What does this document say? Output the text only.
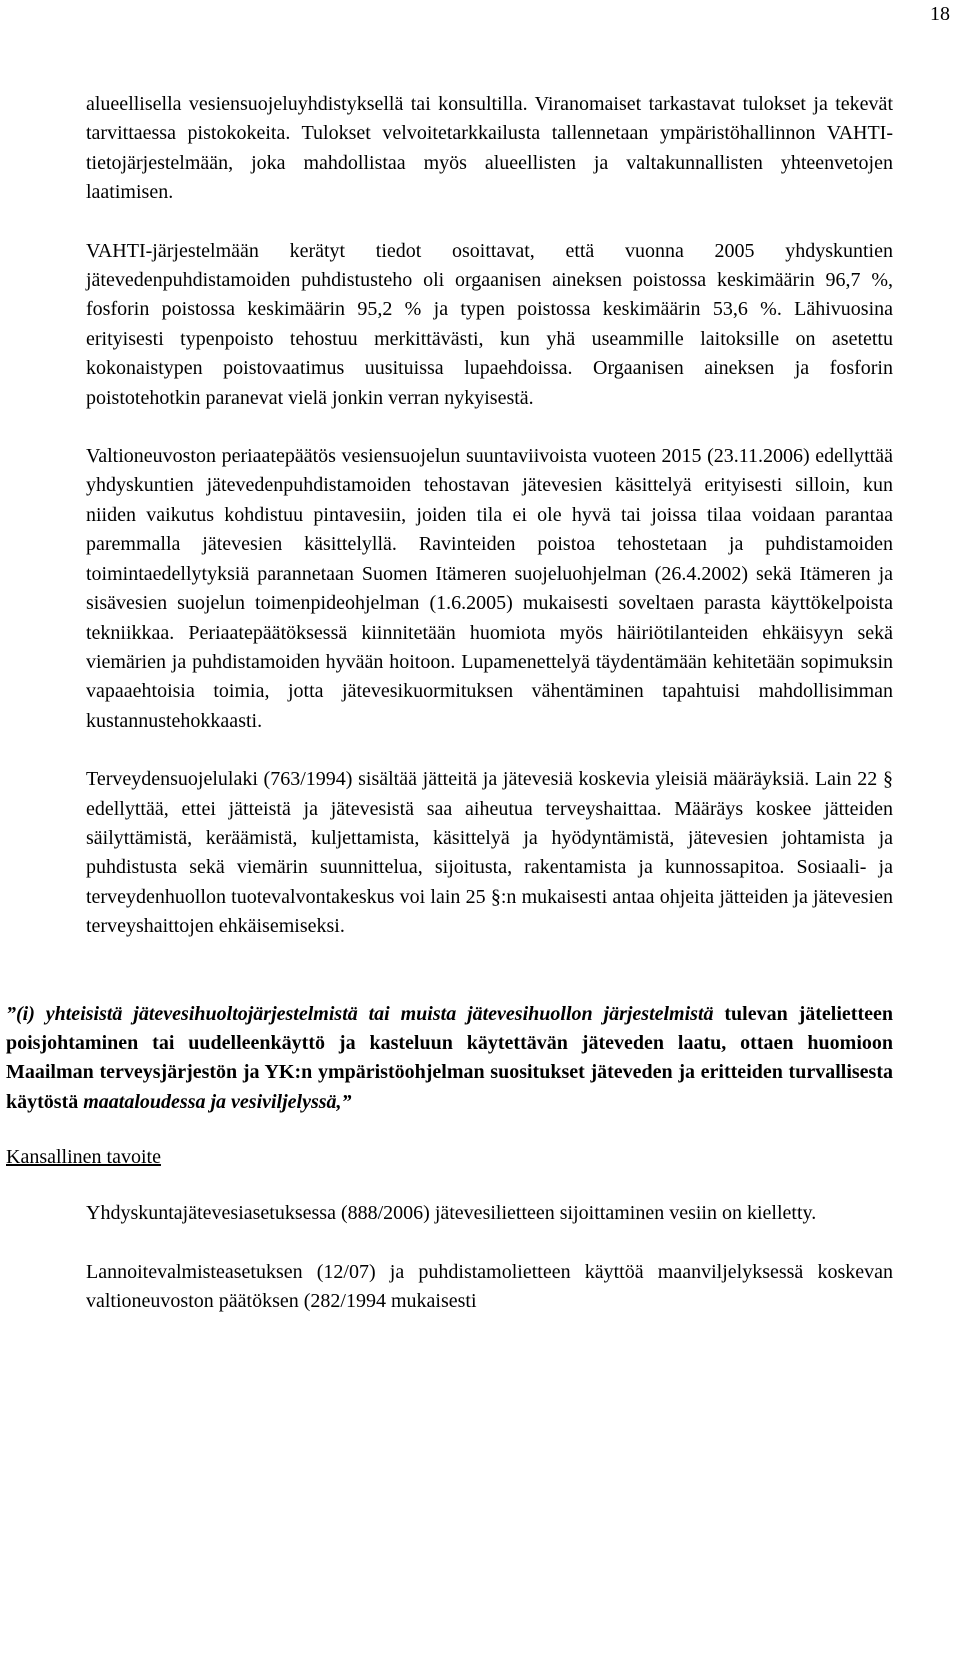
18

alueellisella vesiensuojeluyhdistyksellä tai konsultilla. Viranomaiset tarkastavat tulokset ja tekevät tarvittaessa pistokokeita. Tulokset velvoitetarkkailusta tallennetaan ympäristöhallinnon VAHTI-tietojärjestelmään, joka mahdollistaa myös alueellisten ja valtakunnallisten yhteenvetojen laatimisen.

VAHTI-järjestelmään kerätyt tiedot osoittavat, että vuonna 2005 yhdyskuntien jätevedenpuhdistamoiden puhdistusteho oli orgaanisen aineksen poistossa keskimäärin 96,7 %, fosforin poistossa keskimäärin 95,2 % ja typen poistossa keskimäärin 53,6 %. Lähivuosina erityisesti typenpoisto tehostuu merkittävästi, kun yhä useammille laitoksille on asetettu kokonaistypen poistovaatimus uusituissa lupaehdoissa. Orgaanisen aineksen ja fosforin poistotehotkin paranevat vielä jonkin verran nykyisestä.

Valtioneuvoston periaatepäätös vesiensuojelun suuntaviivoista vuoteen 2015 (23.11.2006) edellyttää yhdyskuntien jätevedenpuhdistamoiden tehostavan jätevesien käsittelyä erityisesti silloin, kun niiden vaikutus kohdistuu pintavesiin, joiden tila ei ole hyvä tai joissa tilaa voidaan parantaa paremmalla jätevesien käsittelyllä. Ravinteiden poistoa tehostetaan ja puhdistamoiden toimintaedellytyksiä parannetaan Suomen Itämeren suojeluohjelman (26.4.2002) sekä Itämeren ja sisävesien suojelun toimenpideohjelman (1.6.2005) mukaisesti soveltaen parasta käyttökelpoista tekniikkaa. Periaatepäätöksessä kiinnitetään huomiota myös häiriötilanteiden ehkäisyyn sekä viemärien ja puhdistamoiden hyvään hoitoon. Lupamenettelyä täydentämään kehitetään sopimuksin vapaaehtoisia toimia, jotta jätevesikuormituksen vähentäminen tapahtuisi mahdollisimman kustannustehokkaasti.

Terveydensuojelulaki (763/1994) sisältää jätteitä ja jätevesiä koskevia yleisiä määräyksiä. Lain 22 § edellyttää, ettei jätteistä ja jätevesistä saa aiheutua terveyshaittaa. Määräys koskee jätteiden säilyttämistä, keräämistä, kuljettamista, käsittelyä ja hyödyntämistä, jätevesien johtamista ja puhdistusta sekä viemärin suunnittelua, sijoitusta, rakentamista ja kunnossapitoa. Sosiaali- ja terveydenhuollon tuotevalvontakeskus voi lain 25 §:n mukaisesti antaa ohjeita jätteiden ja jätevesien terveyshaittojen ehkäisemiseksi.

”(i) yhteisistä jätevesihuoltojärjestelmistä tai muista jätevesihuollon järjestelmistä tulevan jätelietteen poisjohtaminen tai uudelleenkäyttö ja kasteluun käytettävän jäteveden laatu, ottaen huomioon Maailman terveysjärjestön ja YK:n ympäristöohjelman suositukset jäteveden ja eritteiden turvallisesta käytöstä maataloudessa ja vesiviljelyssä,”

Kansallinen tavoite

Yhdyskuntajätevesiasetuksessa (888/2006) jätevesilietteen sijoittaminen vesiin on kielletty.

Lannoitevalmisteasetuksen (12/07) ja puhdistamolietteen käyttöä maanviljelyksessä koskevan valtioneuvoston päätöksen (282/1994 mukaisesti
